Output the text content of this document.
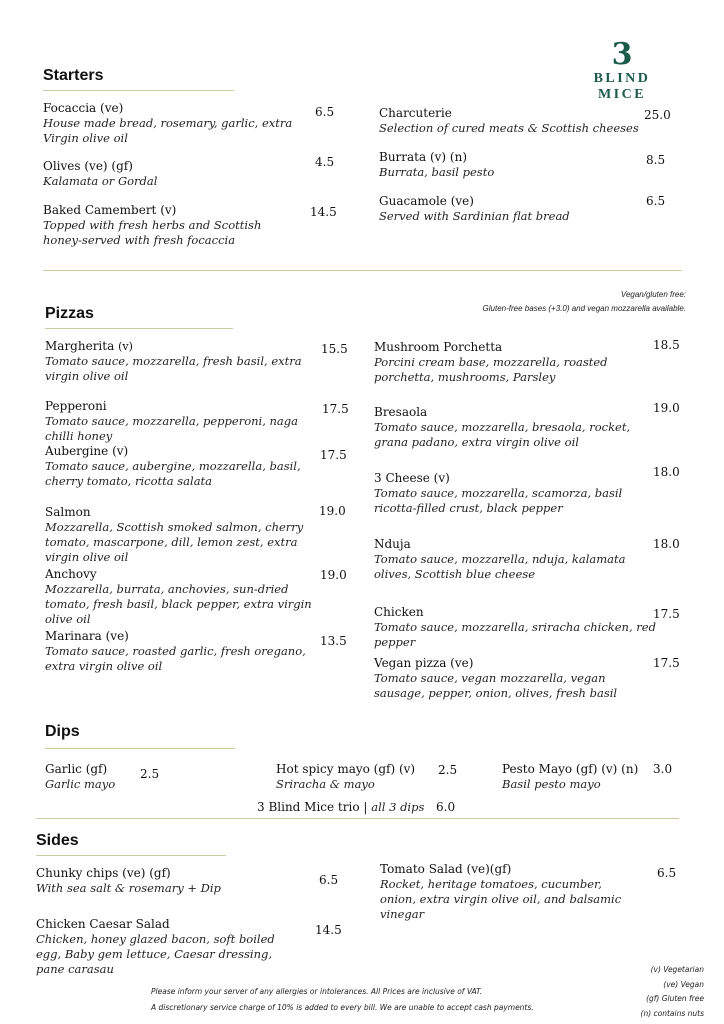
3
BLIND MICE
Starters
Focaccia (ve)
House made bread, rosemary, garlic, extra Virgin olive oil
6.5
Olives (ve) (gf)
Kalamata or Gordal
4.5
Baked Camembert (v)
Topped with fresh herbs and Scottish honey-served with fresh focaccia
14.5
Charcuterie
Selection of cured meats & Scottish cheeses
25.0
Burrata (v) (n)
Burrata, basil pesto
8.5
Guacamole (ve)
Served with Sardinian flat bread
6.5
Vegan/gluten free:
Gluten-free bases (+3.0) and vegan mozzarella available.
Pizzas
Margherita (v)
Tomato sauce, mozzarella, fresh basil, extra virgin olive oil
15.5
Pepperoni
Tomato sauce, mozzarella, pepperoni, naga chilli honey
17.5
Aubergine (v)
Tomato sauce, aubergine, mozzarella, basil, cherry tomato, ricotta salata
17.5
Salmon
Mozzarella, Scottish smoked salmon, cherry tomato, mascarpone, dill, lemon zest, extra virgin olive oil
19.0
Anchovy
Mozzarella, burrata, anchovies, sun-dried tomato, fresh basil, black pepper, extra virgin olive oil
19.0
Marinara (ve)
Tomato sauce, roasted garlic, fresh oregano, extra virgin olive oil
13.5
Mushroom Porchetta
Porcini cream base, mozzarella, roasted porchetta, mushrooms, Parsley
18.5
Bresaola
Tomato sauce, mozzarella, bresaola, rocket, grana padano, extra virgin olive oil
19.0
3 Cheese (v)
Tomato sauce, mozzarella, scamorza, basil ricotta-filled crust, black pepper
18.0
Nduja
Tomato sauce, mozzarella, nduja, kalamata olives, Scottish blue cheese
18.0
Chicken
Tomato sauce, mozzarella, sriracha chicken, red pepper
17.5
Vegan pizza (ve)
Tomato sauce, vegan mozzarella, vegan sausage, pepper, onion, olives, fresh basil
17.5
Dips
Garlic (gf)
Garlic mayo
2.5	Hot spicy mayo (gf) (v)
Sriracha & mayo
2.5	Pesto Mayo (gf) (v) (n)
Basil pesto mayo
3.0
3 Blind Mice trio | all 3 dips 6.0
Sides
Chunky chips (ve) (gf)
With sea salt & rosemary + Dip
6.5
Chicken Caesar Salad
Chicken, honey glazed bacon, soft boiled egg, Baby gem lettuce, Caesar dressing, pane carasau
14.5
Tomato Salad (ve)(gf)
Rocket, heritage tomatoes, cucumber, onion, extra virgin olive oil, and balsamic vinegar
6.5
Please inform your server of any allergies or intolerances. All Prices are inclusive of VAT.
A discretionary service charge of 10% is added to every bill. We are unable to accept cash payments.
(v) Vegetarian
(ve) Vegan
(gf) Gluten free
(n) contains nuts
